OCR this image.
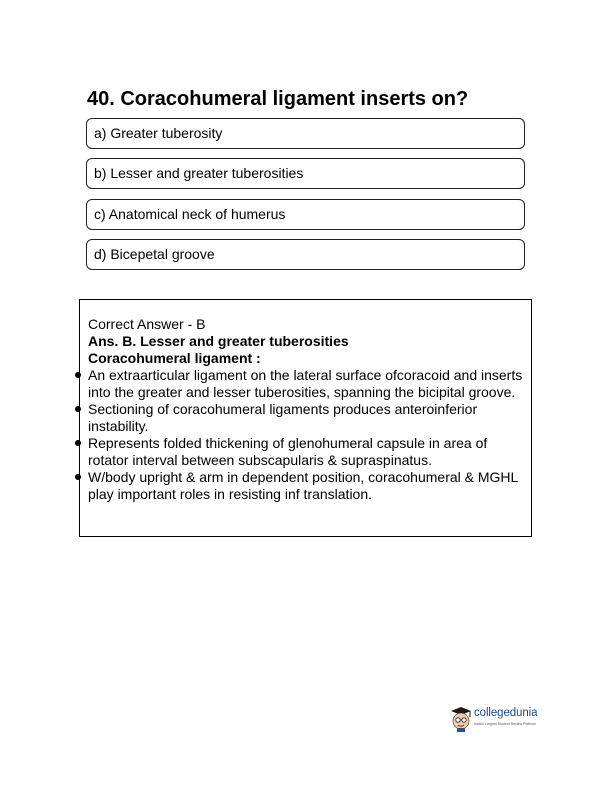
40. Coracohumeral ligament inserts on?
a) Greater tuberosity
b) Lesser and greater tuberosities
c) Anatomical neck of humerus
d) Bicepetal groove

Correct Answer - B

Ans. B. Lesser and greater tuberosities

Coracohumeral ligament :

An extraarticular ligament on the lateral surface ofcoracoid and inserts into the greater and lesser tuberosities, spanning the bicipital groove.
Sectioning of coracohumeral ligaments produces anteroinferior instability.
Represents folded thickening of glenohumeral capsule in area of rotator interval between subscapularis & supraspinatus.
W/body upright & arm in dependent position, coracohumeral & MGHL play important roles in resisting inf translation.
collegedunia
India's Largest Student Review Platform
